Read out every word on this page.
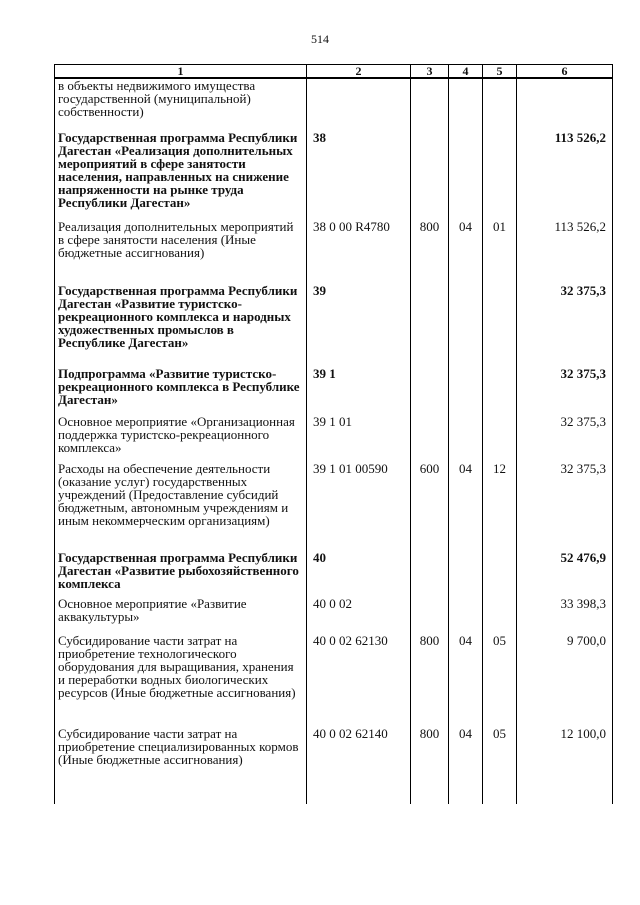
514
1	2	3	4	5	6
в объекты недвижимого имущества государственной (муниципальной) собственности)					
Государственная программа Республики Дагестан «Реализация дополнительных мероприятий в сфере занятости населения, направленных на снижение напряженности на рынке труда Республики Дагестан»	38				113 526,2
Реализация дополнительных мероприятий в сфере занятости населения (Иные бюджетные ассигнования)	38 0 00 R4780	800	04	01	113 526,2
Государственная программа Республики Дагестан «Развитие туристско-рекреационного комплекса и народных художественных промыслов в Республике Дагестан»	39				32 375,3
Подпрограмма «Развитие туристско-рекреационного комплекса в Республике Дагестан»	39 1				32 375,3
Основное мероприятие «Организационная поддержка туристско-рекреационного комплекса»	39 1 01				32 375,3
Расходы на обеспечение деятельности (оказание услуг) государственных учреждений (Предоставление субсидий бюджетным, автономным учреждениям и иным некоммерческим организациям)	39 1 01 00590	600	04	12	32 375,3
Государственная программа Республики Дагестан «Развитие рыбохозяйственного комплекса	40				52 476,9
Основное мероприятие «Развитие аквакультуры»	40 0 02				33 398,3
Субсидирование части затрат на приобретение технологического оборудования для выращивания, хранения и переработки водных биологических ресурсов (Иные бюджетные ассигнования)	40 0 02 62130	800	04	05	9 700,0
Субсидирование части затрат на приобретение специализированных кормов (Иные бюджетные ассигнования)	40 0 02 62140	800	04	05	12 100,0
